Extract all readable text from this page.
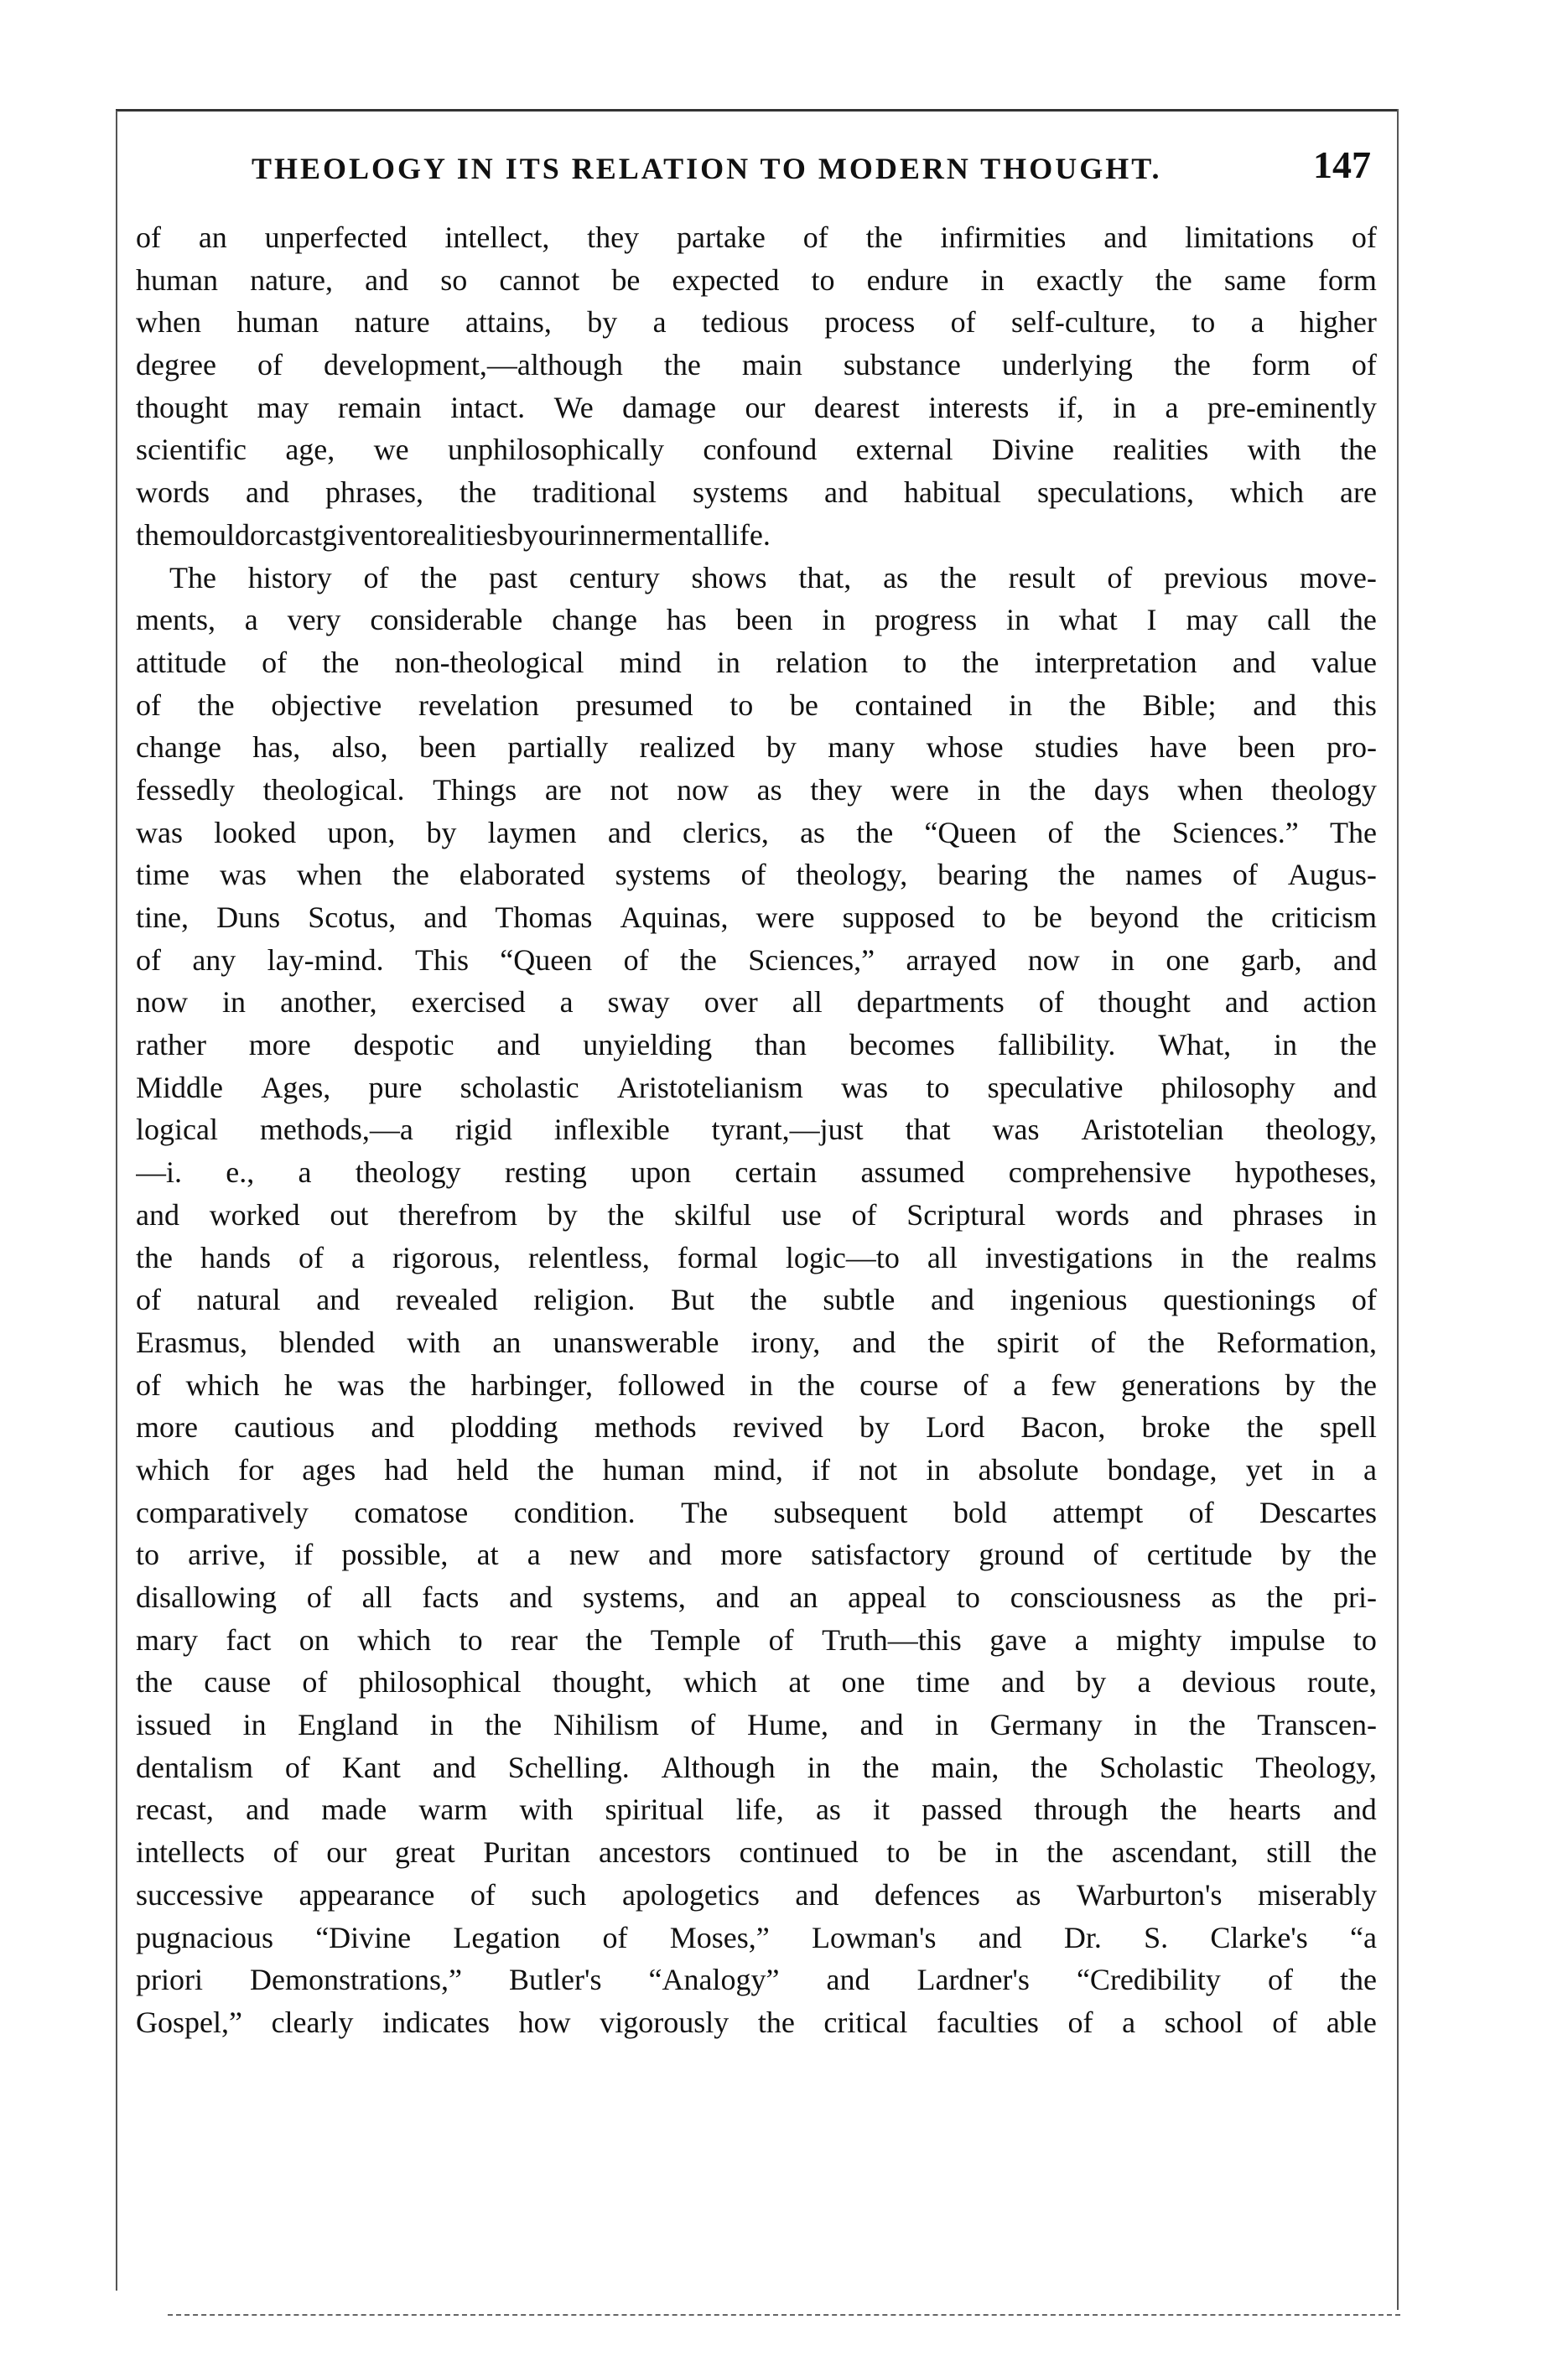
THEOLOGY IN ITS RELATION TO MODERN THOUGHT.	147
of an unperfected intellect, they partake of the infirmities and limitations of
human nature, and so cannot be expected to endure in exactly the same form
when human nature attains, by a tedious process of self-culture, to a higher
degree of development,—although the main substance underlying the form of
thought may remain intact. We damage our dearest interests if, in a pre-eminently
scientific age, we unphilosophically confound external Divine realities with the
words and phrases, the traditional systems and habitual speculations, which are
the mould or cast given to realities by our inner mental life.
The history of the past century shows that, as the result of previous move-
ments, a very considerable change has been in progress in what I may call the
attitude of the non-theological mind in relation to the interpretation and value
of the objective revelation presumed to be contained in the Bible; and this
change has, also, been partially realized by many whose studies have been pro-
fessedly theological. Things are not now as they were in the days when theology
was looked upon, by laymen and clerics, as the “Queen of the Sciences.” The
time was when the elaborated systems of theology, bearing the names of Augus-
tine, Duns Scotus, and Thomas Aquinas, were supposed to be beyond the criticism
of any lay-mind. This “Queen of the Sciences,” arrayed now in one garb, and
now in another, exercised a sway over all departments of thought and action
rather more despotic and unyielding than becomes fallibility. What, in the
Middle Ages, pure scholastic Aristotelianism was to speculative philosophy and
logical methods,—a rigid inflexible tyrant,—just that was Aristotelian theology,
—i. e., a theology resting upon certain assumed comprehensive hypotheses,
and worked out therefrom by the skilful use of Scriptural words and phrases in
the hands of a rigorous, relentless, formal logic—to all investigations in the realms
of natural and revealed religion. But the subtle and ingenious questionings of
Erasmus, blended with an unanswerable irony, and the spirit of the Reformation,
of which he was the harbinger, followed in the course of a few generations by the
more cautious and plodding methods revived by Lord Bacon, broke the spell
which for ages had held the human mind, if not in absolute bondage, yet in a
comparatively comatose condition. The subsequent bold attempt of Descartes
to arrive, if possible, at a new and more satisfactory ground of certitude by the
disallowing of all facts and systems, and an appeal to consciousness as the pri-
mary fact on which to rear the Temple of Truth—this gave a mighty impulse to
the cause of philosophical thought, which at one time and by a devious route,
issued in England in the Nihilism of Hume, and in Germany in the Transcen-
dentalism of Kant and Schelling. Although in the main, the Scholastic Theology,
recast, and made warm with spiritual life, as it passed through the hearts and
intellects of our great Puritan ancestors continued to be in the ascendant, still the
successive appearance of such apologetics and defences as Warburton's miserably
pugnacious “Divine Legation of Moses,” Lowman's and Dr. S. Clarke's “a
priori Demonstrations,” Butler's “Analogy” and Lardner's “Credibility of the
Gospel,” clearly indicates how vigorously the critical faculties of a school of able
